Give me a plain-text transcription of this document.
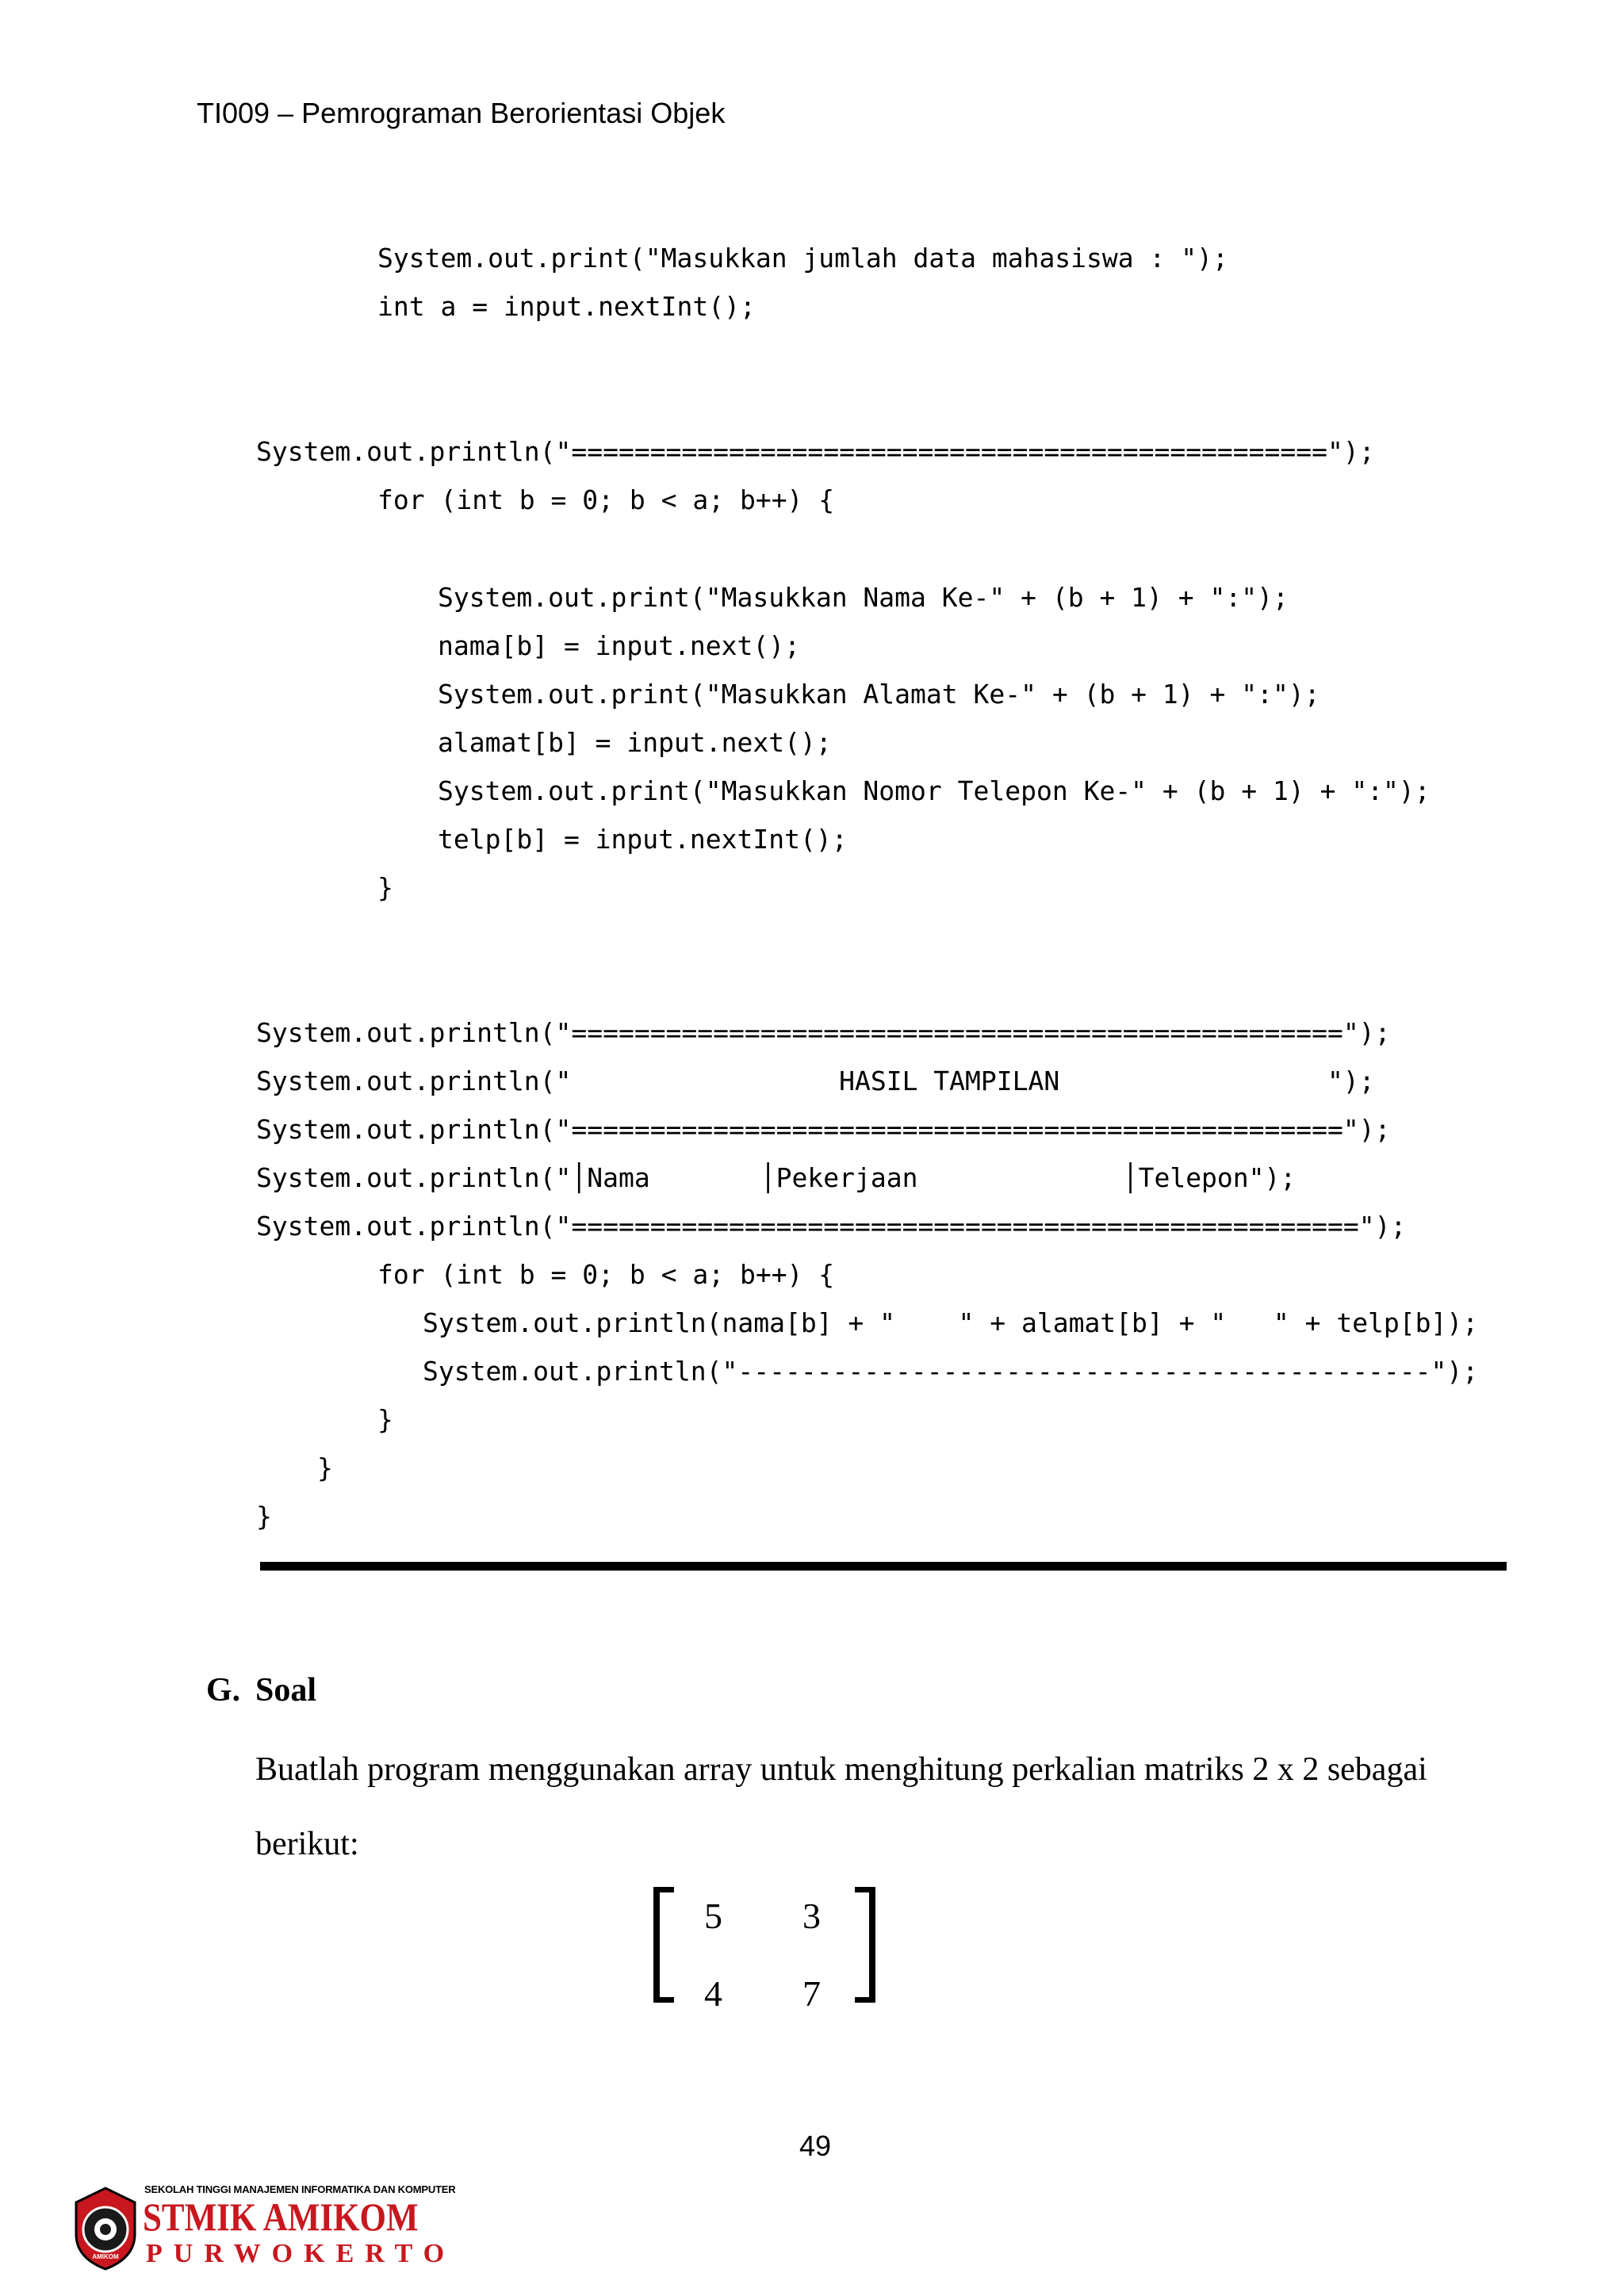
TI009 – Pemrograman Berorientasi Objek

System.out.print("Masukkan jumlah data mahasiswa : ");

int a = input.nextInt();

System.out.println("================================================");

for (int b = 0; b < a; b++) {

System.out.print("Masukkan Nama Ke-" + (b + 1) + ":");

nama[b] = input.next();

System.out.print("Masukkan Alamat Ke-" + (b + 1) + ":");

alamat[b] = input.next();

System.out.print("Masukkan Nomor Telepon Ke-" + (b + 1) + ":");

telp[b] = input.nextInt();

}

System.out.println("=================================================");

System.out.println("                 HASIL TAMPILAN                 ");

System.out.println("=================================================");

System.out.println("│Nama       │Pekerjaan             │Telepon");

System.out.println("==================================================");

for (int b = 0; b < a; b++) {

System.out.println(nama[b] + "    " + alamat[b] + "   " + telp[b]);

System.out.println("--------------------------------------------");

}

}

}

G. Soal
Buatlah program menggunakan array untuk menghitung perkalian matriks 2 x 2 sebagai
berikut:
5 3
4 7
49
AMIKOM
SEKOLAH TINGGI MANAJEMEN INFORMATIKA DAN KOMPUTER
STMIK AMIKOM
PURWOKERTO
